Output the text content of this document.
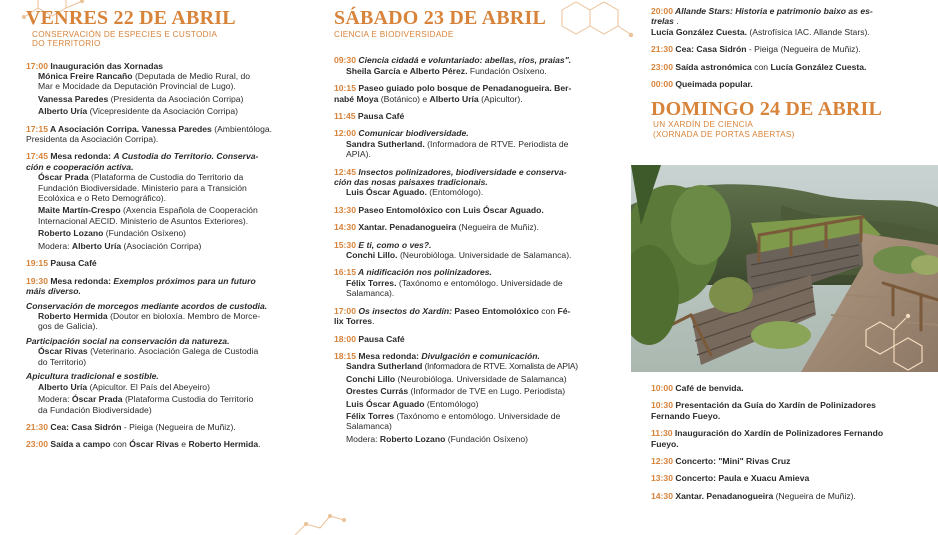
VENRES 22 DE ABRIL
CONSERVACIÓN DE ESPECIES E CUSTODIA
DO TERRITORIO
17:00 Inauguración das Xornadas
Mónica Freire Rancaño (Deputada de Medio Rural, do
Mar e Mocidade da Deputación Provincial de Lugo).
Vanessa Paredes (Presidenta da Asociación Corripa)
Alberto Uría (Vicepresidente da Asociación Corripa)
17:15 A Asociación Corripa. Vanessa Paredes (Ambientóloga.
Presidenta da Asociación Corripa).
17:45 Mesa redonda: A Custodia do Territorio. Conserva-
ción e cooperación activa.
Óscar Prada (Plataforma de Custodia do Territorio da
Fundación Biodiversidade. Ministerio para a Transición
Ecolóxica e o Reto Demográfico).
Maite Martín-Crespo (Axencia Española de Cooperación
Internacional AECID. Ministerio de Asuntos Exteriores).
Roberto Lozano (Fundación Osíxeno)
Modera: Alberto Uría (Asociación Corripa)
19:15 Pausa Café
19:30 Mesa redonda: Exemplos próximos para un futuro
máis diverso.
Conservación de morcegos mediante acordos de custodia.
Roberto Hermida (Doutor en bioloxía. Membro de Morce-
gos de Galicia).
Participación social na conservación da natureza.
Óscar Rivas (Veterinario. Asociación Galega de Custodia
do Territorio)
Apicultura tradicional e sostible.
Alberto Uría (Apicultor. El País del Abeyeiro)
Modera: Óscar Prada (Plataforma Custodia do Territorio
da Fundación Biodiversidade)
21:30 Cea: Casa Sidrón - Pieiga (Negueira de Muñiz).
23:00 Saída a campo con Óscar Rivas e Roberto Hermida.
SÁBADO 23 DE ABRIL
CIENCIA E BIODIVERSIDADE
09:30 Ciencia cidadá e voluntariado: abellas, ríos, praias".
Sheila García e Alberto Pérez. Fundación Osíxeno.
10:15 Paseo guiado polo bosque de Penadanogueira. Ber-
nabé Moya (Botánico) e Alberto Uría (Apicultor).
11:45 Pausa Café
12:00 Comunicar biodiversidade.
Sandra Sutherland. (Informadora de RTVE. Periodista de
APIA).
12:45 Insectos polinizadores, biodiversidade e conserva-
ción das nosas paisaxes tradicionais.
Luis Óscar Aguado. (Entomólogo).
13:30 Paseo Entomolóxico con Luis Óscar Aguado.
14:30 Xantar. Penadanogueira (Negueira de Muñiz).
15:30 E ti, como o ves?.
Conchi Lillo. (Neurobióloga. Universidade de Salamanca).
16:15 A nidificación nos polinizadores.
Félix Torres. (Taxónomo e entomólogo. Universidade de
Salamanca).
17:00 Os insectos do Xardín: Paseo Entomolóxico con Fé-
lix Torres.
18:00 Pausa Café
18:15 Mesa redonda: Divulgación e comunicación.
Sandra Sutherland (Informadora de RTVE. Xornalista de APIA)
Conchi Lillo (Neurobióloga. Universidade de Salamanca)
Orestes Currás (Informador de TVE en Lugo. Periodista)
Luis Óscar Aguado (Entomólogo)
Félix Torres (Taxónomo e entomólogo. Universidade de
Salamanca)
Modera: Roberto Lozano (Fundación Osíxeno)
20:00 Allande Stars: Historia e patrimonio baixo as es-
trelas .
Lucía González Cuesta. (Astrofísica IAC. Allande Stars).
21:30 Cea: Casa Sidrón - Pieiga (Negueira de Muñiz).
23:00 Saída astronómica con Lucía González Cuesta.
00:00 Queimada popular.
DOMINGO 24 DE ABRIL
UN XARDÍN DE CIENCIA
(XORNADA DE PORTAS ABERTAS)
10:00 Café de benvida.
10:30 Presentación da Guía do Xardín de Polinizadores
Fernando Fueyo.
11:30 Inauguración do Xardín de Polinizadores Fernando
Fueyo.
12:30 Concerto: "Mini" Rivas Cruz
13:30 Concerto: Paula e Xuacu Amieva
14:30 Xantar. Penadanogueira (Negueira de Muñiz).
